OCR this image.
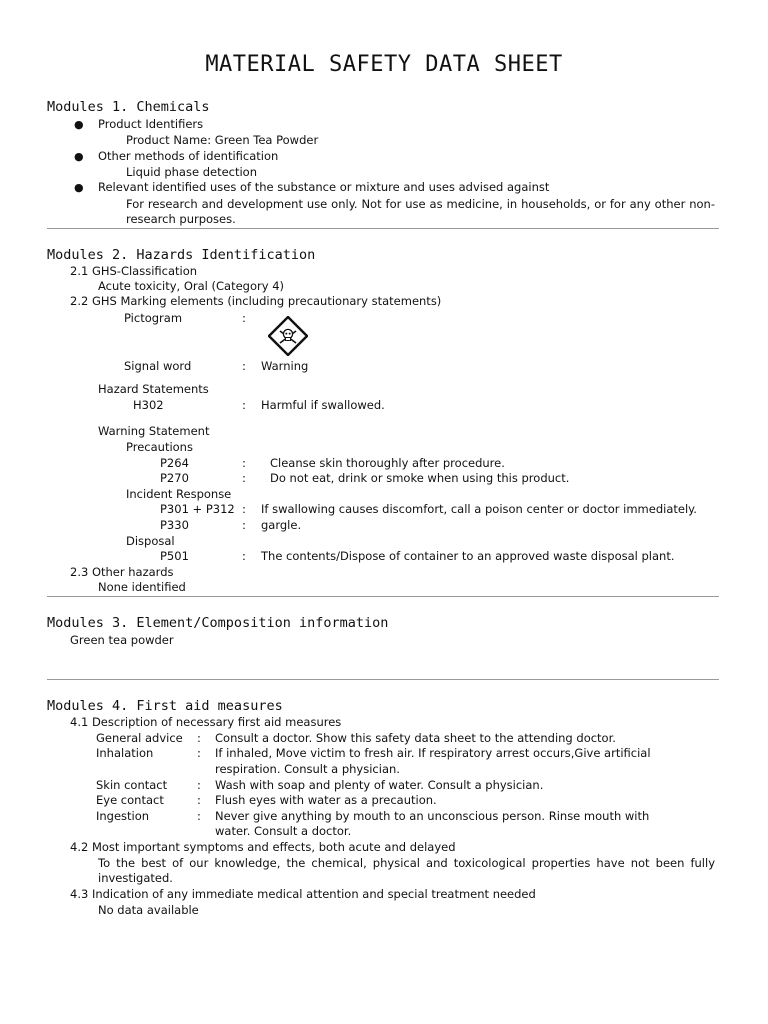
MATERIAL SAFETY DATA SHEET
Modules 1. Chemicals
● Product Identifiers
Product Name: Green Tea Powder
● Other methods of identification
Liquid phase detection
● Relevant identified uses of the substance or mixture and uses advised against
For research and development use only. Not for use as medicine, in households, or for any other non-research purposes.
Modules 2. Hazards Identification
2.1 GHS-Classification
Acute toxicity, Oral (Category 4)
2.2 GHS Marking elements (including precautionary statements)
Pictogram	:
Signal word	: Warning
Hazard Statements
H302	: Harmful if swallowed.
Warning Statement
Precautions
P264	: Cleanse skin thoroughly after procedure.
P270	: Do not eat, drink or smoke when using this product.
Incident Response
P301 + P312 : If swallowing causes discomfort, call a poison center or doctor immediately.
P330	: gargle.
Disposal
P501	: The contents/Dispose of container to an approved waste disposal plant.
2.3 Other hazards
None identified
Modules 3. Element/Composition information
Green tea powder
Modules 4. First aid measures
4.1 Description of necessary first aid measures
General advice : Consult a doctor. Show this safety data sheet to the attending doctor.
Inhalation	: If inhaled, Move victim to fresh air. If respiratory arrest occurs,Give artificial
respiration. Consult a physician.
Skin contact	: Wash with soap and plenty of water. Consult a physician.
Eye contact	: Flush eyes with water as a precaution.
Ingestion	: Never give anything by mouth to an unconscious person. Rinse mouth with
water. Consult a doctor.
4.2 Most important symptoms and effects, both acute and delayed
To the best of our knowledge, the chemical, physical and toxicological properties have not been fully investigated.
4.3 Indication of any immediate medical attention and special treatment needed
No data available
